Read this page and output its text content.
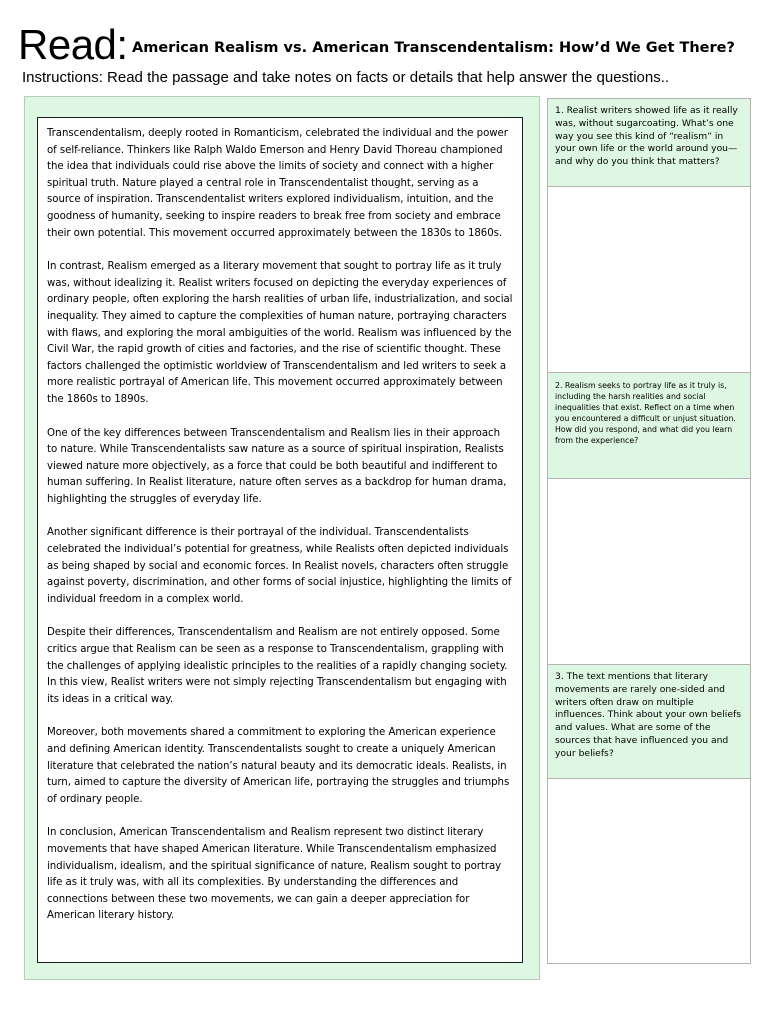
Read: American Realism vs. American Transcendentalism: How’d We Get There?
Instructions: Read the passage and take notes on facts or details that help answer the questions..

Transcendentalism, deeply rooted in Romanticism, celebrated the individual and the power of self-reliance. Thinkers like Ralph Waldo Emerson and Henry David Thoreau championed the idea that individuals could rise above the limits of society and connect with a higher spiritual truth. Nature played a central role in Transcendentalist thought, serving as a source of inspiration. Transcendentalist writers explored individualism, intuition, and the goodness of humanity, seeking to inspire readers to break free from society and embrace their own potential. This movement occurred approximately between the 1830s to 1860s.

In contrast, Realism emerged as a literary movement that sought to portray life as it truly was, without idealizing it. Realist writers focused on depicting the everyday experiences of ordinary people, often exploring the harsh realities of urban life, industrialization, and social inequality. They aimed to capture the complexities of human nature, portraying characters with flaws, and exploring the moral ambiguities of the world. Realism was influenced by the Civil War, the rapid growth of cities and factories, and the rise of scientific thought. These factors challenged the optimistic worldview of Transcendentalism and led writers to seek a more realistic portrayal of American life. This movement occurred approximately between the 1860s to 1890s.

One of the key differences between Transcendentalism and Realism lies in their approach to nature. While Transcendentalists saw nature as a source of spiritual inspiration, Realists viewed nature more objectively, as a force that could be both beautiful and indifferent to human suffering. In Realist literature, nature often serves as a backdrop for human drama, highlighting the struggles of everyday life.

Another significant difference is their portrayal of the individual. Transcendentalists celebrated the individual’s potential for greatness, while Realists often depicted individuals as being shaped by social and economic forces. In Realist novels, characters often struggle against poverty, discrimination, and other forms of social injustice, highlighting the limits of individual freedom in a complex world.

Despite their differences, Transcendentalism and Realism are not entirely opposed. Some critics argue that Realism can be seen as a response to Transcendentalism, grappling with the challenges of applying idealistic principles to the realities of a rapidly changing society. In this view, Realist writers were not simply rejecting Transcendentalism but engaging with its ideas in a critical way.

Moreover, both movements shared a commitment to exploring the American experience and defining American identity. Transcendentalists sought to create a uniquely American literature that celebrated the nation’s natural beauty and its democratic ideals. Realists, in turn, aimed to capture the diversity of American life, portraying the struggles and triumphs of ordinary people.

In conclusion, American Transcendentalism and Realism represent two distinct literary movements that have shaped American literature. While Transcendentalism emphasized individualism, idealism, and the spiritual significance of nature, Realism sought to portray life as it truly was, with all its complexities. By understanding the differences and connections between these two movements, we can gain a deeper appreciation for American literary history.

1. Realist writers showed life as it really was, without sugarcoating. What’s one way you see this kind of “realism” in your own life or the world around you—and why do you think that matters?
2. Realism seeks to portray life as it truly is, including the harsh realities and social inequalities that exist. Reflect on a time when you encountered a difficult or unjust situation. How did you respond, and what did you learn from the experience?
3. The text mentions that literary movements are rarely one-sided and writers often draw on multiple influences. Think about your own beliefs and values. What are some of the sources that have influenced you and your beliefs?
